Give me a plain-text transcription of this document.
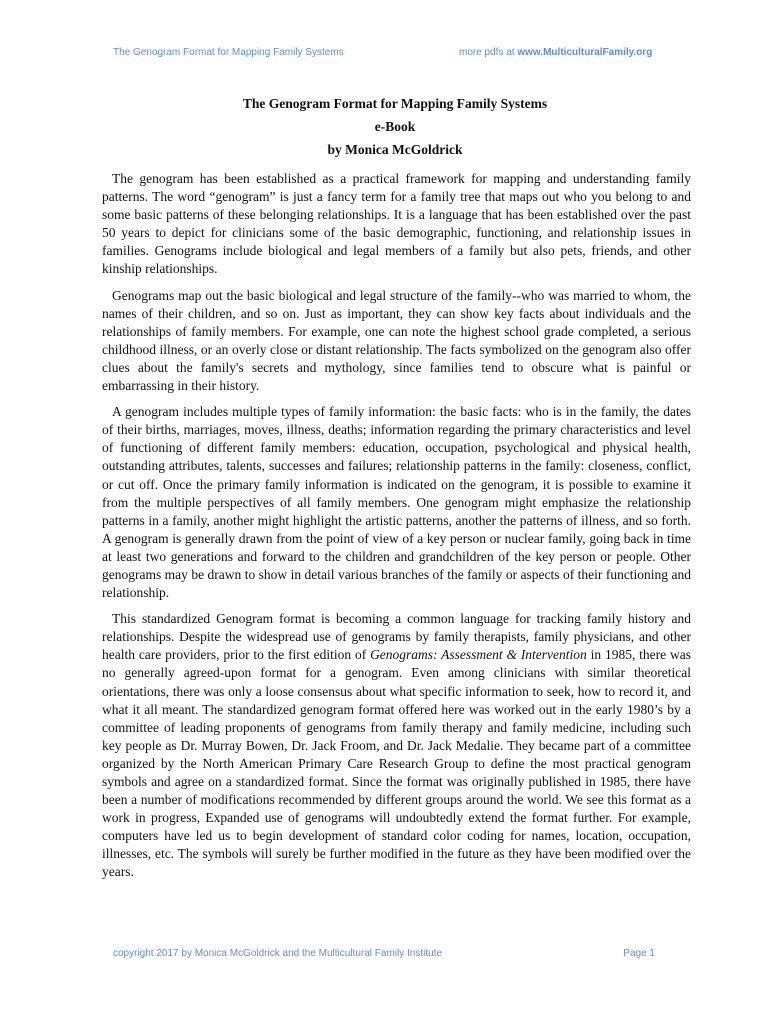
The Genogram Format for Mapping Family Systems	more pdfs at www.MulticulturalFamily.org
The Genogram Format for Mapping Family Systems
e-Book
by Monica McGoldrick

The genogram has been established as a practical framework for mapping and understanding family patterns. The word “genogram” is just a fancy term for a family tree that maps out who you belong to and some basic patterns of these belonging relationships. It is a language that has been established over the past 50 years to depict for clinicians some of the basic demographic, functioning, and relationship issues in families. Genograms include biological and legal members of a family but also pets, friends, and other kinship relationships.

Genograms map out the basic biological and legal structure of the family--who was married to whom, the names of their children, and so on. Just as important, they can show key facts about individuals and the relationships of family members. For example, one can note the highest school grade completed, a serious childhood illness, or an overly close or distant relationship. The facts symbolized on the genogram also offer clues about the family's secrets and mythology, since families tend to obscure what is painful or embarrassing in their history.

A genogram includes multiple types of family information: the basic facts: who is in the family, the dates of their births, marriages, moves, illness, deaths; information regarding the primary characteristics and level of functioning of different family members: education, occupation, psychological and physical health, outstanding attributes, talents, successes and failures; relationship patterns in the family: closeness, conflict, or cut off. Once the primary family information is indicated on the genogram, it is possible to examine it from the multiple perspectives of all family members. One genogram might emphasize the relationship patterns in a family, another might highlight the artistic patterns, another the patterns of illness, and so forth. A genogram is generally drawn from the point of view of a key person or nuclear family, going back in time at least two generations and forward to the children and grandchildren of the key person or people. Other genograms may be drawn to show in detail various branches of the family or aspects of their functioning and relationship.

This standardized Genogram format is becoming a common language for tracking family history and relationships. Despite the widespread use of genograms by family therapists, family physicians, and other health care providers, prior to the first edition of Genograms: Assessment & Intervention in 1985, there was no generally agreed-upon format for a genogram. Even among clinicians with similar theoretical orientations, there was only a loose consensus about what specific information to seek, how to record it, and what it all meant. The standardized genogram format offered here was worked out in the early 1980’s by a committee of leading proponents of genograms from family therapy and family medicine, including such key people as Dr. Murray Bowen, Dr. Jack Froom, and Dr. Jack Medalie. They became part of a committee organized by the North American Primary Care Research Group to define the most practical genogram symbols and agree on a standardized format. Since the format was originally published in 1985, there have been a number of modifications recommended by different groups around the world. We see this format as a work in progress, Expanded use of genograms will undoubtedly extend the format further. For example, computers have led us to begin development of standard color coding for names, location, occupation, illnesses, etc. The symbols will surely be further modified in the future as they have been modified over the years.

copyright 2017 by Monica McGoldrick and the Multicultural Family Institute	Page 1
